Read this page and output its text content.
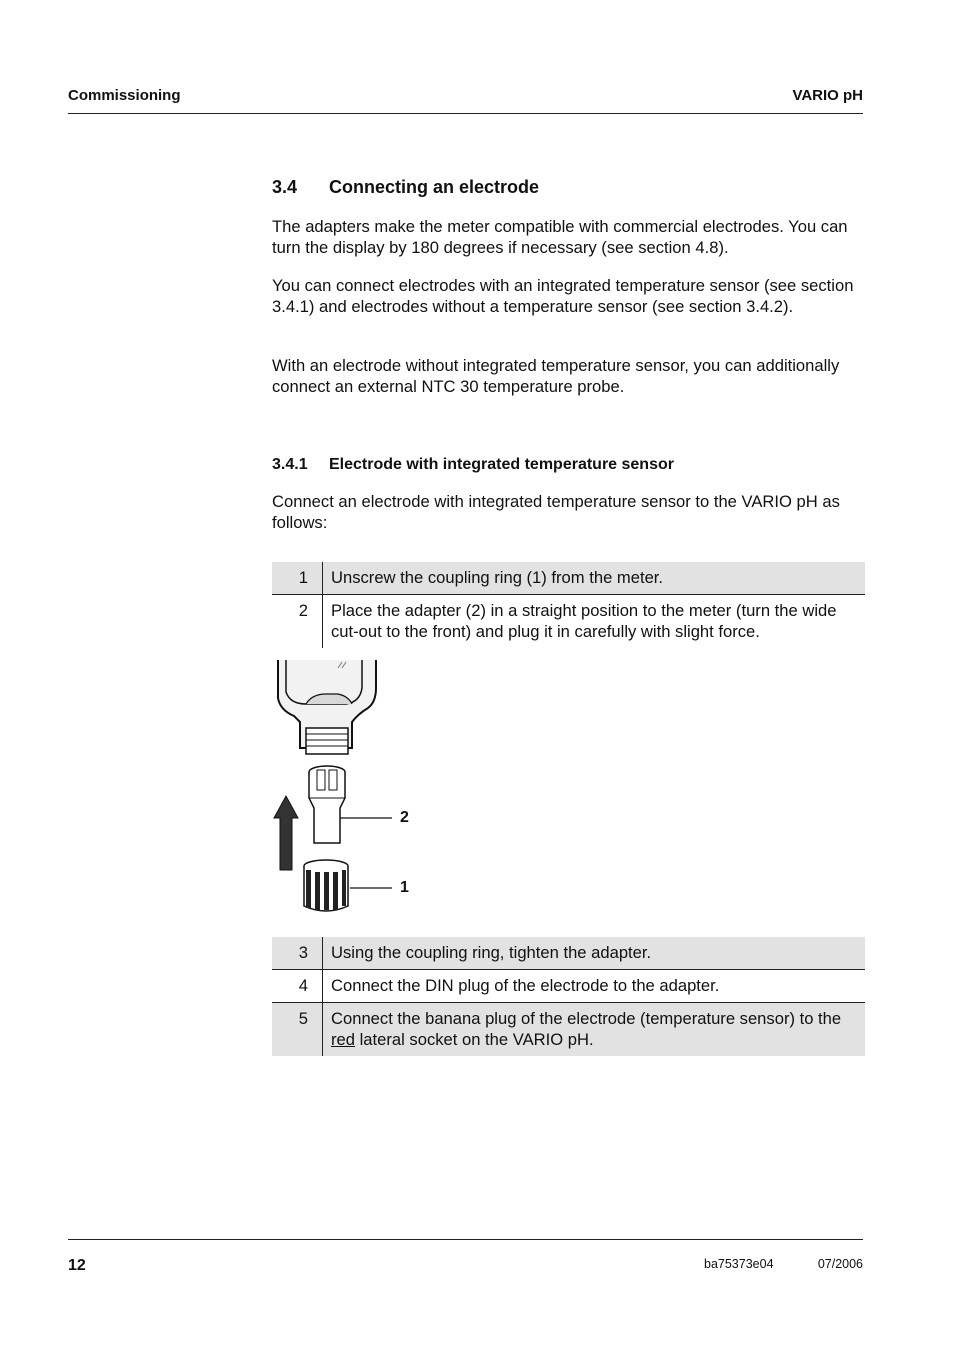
Commissioning	VARIO pH
3.4 Connecting an electrode
The adapters make the meter compatible with commercial electrodes. You can turn the display by 180 degrees if necessary (see section 4.8).
You can connect electrodes with an integrated temperature sensor (see section 3.4.1) and electrodes without a temperature sensor (see section 3.4.2).
With an electrode without integrated temperature sensor, you can additionally connect an external NTC 30 temperature probe.
3.4.1 Electrode with integrated temperature sensor
Connect an electrode with integrated temperature sensor to the VARIO pH as follows:
1	Unscrew the coupling ring (1) from the meter.
2	Place the adapter (2) in a straight position to the meter (turn the wide cut-out to the front) and plug it in carefully with slight force.
2
1
3	Using the coupling ring, tighten the adapter.
4	Connect the DIN plug of the electrode to the adapter.
5	Connect the banana plug of the electrode (temperature sensor) to the red lateral socket on the VARIO pH.
12	ba75373e04	07/2006
